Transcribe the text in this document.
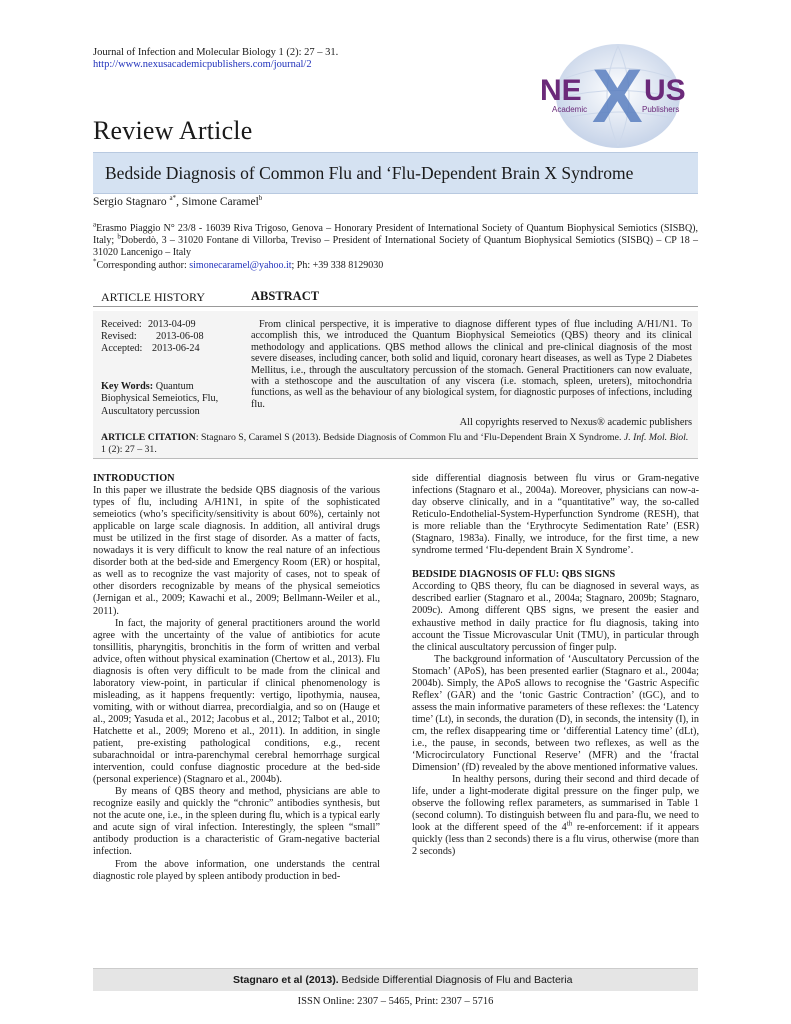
Journal of Infection and Molecular Biology 1 (2): 27 – 31.
http://www.nexusacademicpublishers.com/journal/2
NE X US
Academic	Publishers
Review Article
Bedside Diagnosis of Common Flu and ‘Flu-Dependent Brain X Syndrome
Sergio Stagnaro $^{a*}$, Simone Caramel$^b$
$^a$Erasmo Piaggio N° 23/8 - 16039 Riva Trigoso, Genova – Honorary President of International Society of Quantum Biophysical Semiotics (SISBQ), Italy; $^b$Doberdò, 3 – 31020 Fontane di Villorba, Treviso – President of International Society of Quantum Biophysical Semiotics (SISBQ) – CP 18 – 31020 Lancenigo – Italy
*Corresponding author: simonecaramel@yahoo.it; Ph: +39 338 8129030
ARTICLE HISTORY	ABSTRACT
Received: 2013-04-09
Revised:	2013-06-08
Accepted: 2013-06-24
Key Words: Quantum Biophysical Semeiotics, Flu, Auscultatory percussion
From clinical perspective, it is imperative to diagnose different types of flue including A/H1/N1. To accomplish this, we introduced the Quantum Biophysical Semeiotics (QBS) theory and its clinical methodology and applications. QBS method allows the clinical and pre-clinical diagnosis of the most severe diseases, including cancer, both solid and liquid, coronary heart diseases, as well as Type 2 Diabetes Mellitus, i.e., through the auscultatory percussion of the stomach. General Practitioners can now evaluate, with a stethoscope and the auscultation of any viscera (i.e. stomach, spleen, ureters), mitochondria functions, as well as the behaviour of any biological system, for diagnostic purposes of infections, including flu.
All copyrights reserved to Nexus® academic publishers
ARTICLE CITATION: Stagnaro S, Caramel S (2013). Bedside Diagnosis of Common Flu and ‘Flu-Dependent Brain X Syndrome. J. Inf. Mol. Biol. 1 (2): 27 – 31.
INTRODUCTION

In this paper we illustrate the bedside QBS diagnosis of the various types of flu, including A/H1N1, in spite of the sophisticated semeiotics (who’s specificity/sensitivity is about 60%), certainly not applicable on large scale diagnosis. In addition, all antiviral drugs must be utilized in the first stage of disorder. As a matter of facts, nowadays it is very difficult to know the real nature of an infectious disorder both at the bed-side and Emergency Room (ER) or hospital, as well as to recognize the vast majority of cases, not to speak of other disorders recognizable by means of the physical semeiotics (Jernigan et al., 2009; Kawachi et al., 2009; Bellmann-Weiler et al., 2011).

In fact, the majority of general practitioners around the world agree with the uncertainty of the value of antibiotics for acute tonsillitis, pharyngitis, bronchitis in the form of written and verbal advice, often without physical examination (Chertow et al., 2013). Flu diagnosis is often very difficult to be made from the clinical and laboratory view-point, in particular if clinical phenomenology is misleading, as it happens frequently: vertigo, lipothymia, nausea, vomiting, with or without diarrea, precordialgia, and so on (Hauge et al., 2009; Yasuda et al., 2012; Jacobus et al., 2012; Talbot et al., 2010; Hatchette et al., 2009; Moreno et al., 2011). In addition, in single patient, pre-existing pathological conditions, e.g., recent subarachnoidal or intra-parenchymal cerebral hemorrhage surgical intervention, could confuse diagnostic procedure at the bed-side (personal experience) (Stagnaro et al., 2004b).

By means of QBS theory and method, physicians are able to recognize easily and quickly the “chronic” antibodies synthesis, but not the acute one, i.e., in the spleen during flu, which is a typical early and acute sign of viral infection. Interestingly, the spleen “small” antibody production is a characteristic of Gram-negative bacterial infection.

From the above information, one understands the central diagnostic role played by spleen antibody production in bed-

side differential diagnosis between flu virus or Gram-negative infections (Stagnaro et al., 2004a). Moreover, physicians can now-a-day observe clinically, and in a “quantitative” way, the so-called Reticulo-Endothelial-System-Hyperfunction Syndrome (RESH), that is more reliable than the ‘Erythrocyte Sedimentation Rate’ (ESR) (Stagnaro, 1983a). Finally, we introduce, for the first time, a new syndrome termed ‘Flu-dependent Brain X Syndrome’.

BEDSIDE DIAGNOSIS OF FLU: QBS SIGNS

According to QBS theory, flu can be diagnosed in several ways, as described earlier (Stagnaro et al., 2004a; Stagnaro, 2009b; Stagnaro, 2009c). Among different QBS signs, we present the easier and exhaustive method in daily practice for flu diagnosis, taking into account the Tissue Microvascular Unit (TMU), in particular through the clinical auscultatory percussion of finger pulp.

The background information of ‘Auscultatory Percussion of the Stomach’ (APoS), has been presented earlier (Stagnaro et al., 2004a; 2004b). Simply, the APoS allows to recognise the ‘Gastric Aspecific Reflex’ (GAR) and the ‘tonic Gastric Contraction’ (tGC), and to assess the main informative parameters of these reflexes: the ‘Latency time’ (Lt), in seconds, the duration (D), in seconds, the intensity (I), in cm, the reflex disappearing time or ‘differential Latency time’ (dLt), i.e., the pause, in seconds, between two reflexes, as well as the ‘Microcirculatory Functional Reserve’ (MFR) and the ‘fractal Dimension’ (fD) revealed by the above mentioned informative values.

In healthy persons, during their second and third decade of life, under a light-moderate digital pressure on the finger pulp, we observe the following reflex parameters, as summarised in Table 1 (second column). To distinguish between flu and para-flu, we need to look at the different speed of the 4th re-enforcement: if it appears quickly (less than 2 seconds) there is a flu virus, otherwise (more than 2 seconds)

Stagnaro et al (2013). Bedside Differential Diagnosis of Flu and Bacteria
ISSN Online: 2307 – 5465, Print: 2307 – 5716
